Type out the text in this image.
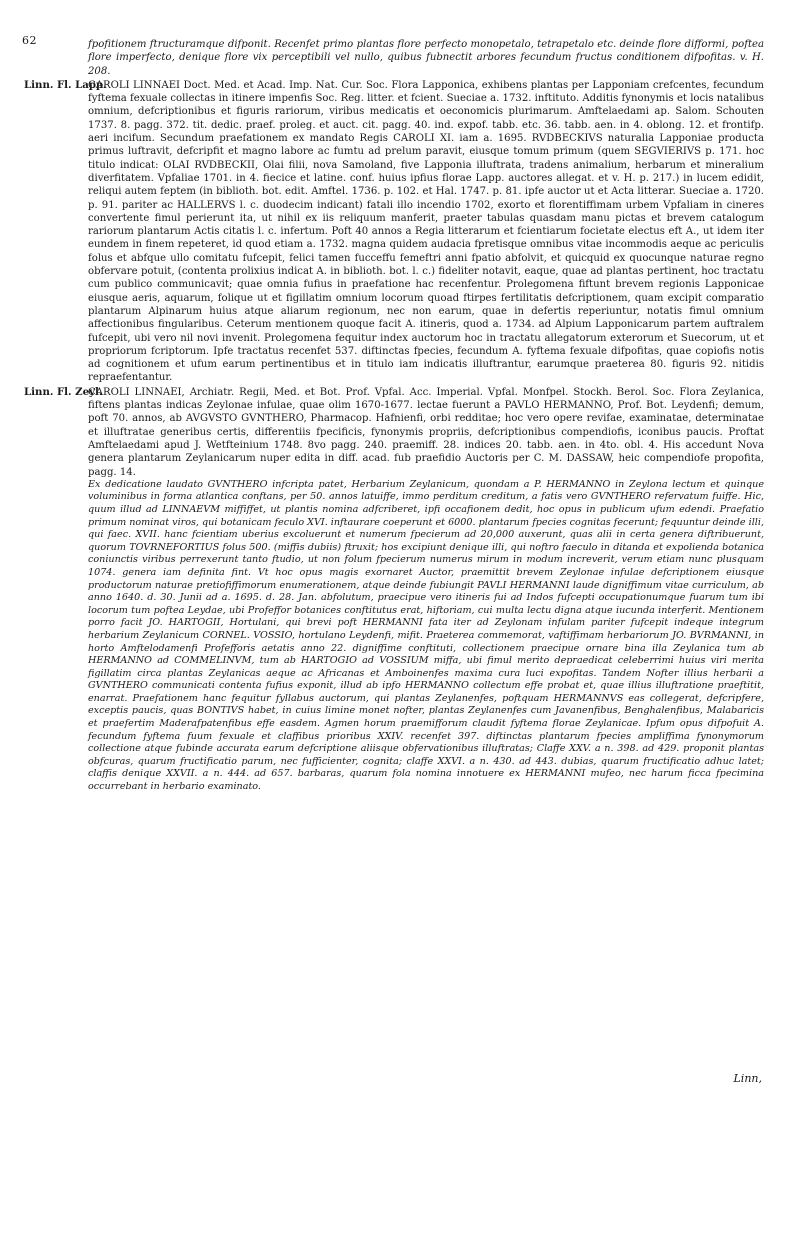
62	fpofitionem ftructuramque difponit. Recenfet primo plantas flore perfecto monopetalo, tetrapetalo etc. deinde flore difformi, poftea flore imperfecto, denique flore vix perceptibili vel nullo, quibus fubnectit arbores fecundum fructus conditionem difpofitas. v. H. 208.

Linn. Fl. Lapp.

CAROLI LINNAEI Doct. Med. et Acad. Imp. Nat. Cur. Soc. Flora Lapponica, exhibens plantas per Lapponiam crefcentes, fecundum fyftema fexuale collectas in itinere impenfis Soc. Reg. litter. et fcient. Sueciae a. 1732. inftituto. Additis fynonymis et locis natalibus omnium, defcriptionibus et figuris rariorum, viribus medicatis et oeconomicis plurimarum. Amftelaedami ap. Salom. Schouten 1737. 8. pagg. 372. tit. dedic. praef. proleg. et auct. cit. pagg. 40. ind. expof. tabb. etc. 36. tabb. aen. in 4. oblong. 12. et frontifp. aeri incifum. Secundum praefationem ex mandato Regis CAROLI XI. iam a. 1695. RVDBECKIVS naturalia Lapponiae producta primus luftravit, defcripfit et magno labore ac fumtu ad prelum paravit, eiusque tomum primum (quem SEGVIERIVS p. 171. hoc titulo indicat: OLAI RVDBECKII, Olai filii, nova Samoland, five Lapponia illuftrata, tradens animalium, herbarum et mineralium diverfitatem. Vpfaliae 1701. in 4. fiecice et latine. conf. huius ipfius florae Lapp. auctores allegat. et v. H. p. 217.) in lucem edidit, reliqui autem feptem (in biblioth. bot. edit. Amftel. 1736. p. 102. et Hal. 1747. p. 81. ipfe auctor ut et Acta litterar. Sueciae a. 1720. p. 91. pariter ac HALLERVS l. c. duodecim indicant) fatali illo incendio 1702, exorto et florentiffimam urbem Vpfaliam in cineres convertente fimul perierunt ita, ut nihil ex iis reliquum manferit, praeter tabulas quasdam manu pictas et brevem catalogum rariorum plantarum Actis citatis l. c. infertum. Poft 40 annos a Regia litterarum et fcientiarum focietate electus eft A., ut idem iter eundem in finem repeteret, id quod etiam a. 1732. magna quidem audacia fpretisque omnibus vitae incommodis aeque ac periculis folus et abfque ullo comitatu fufcepit, felici tamen fucceffu femeftri anni fpatio abfolvit, et quicquid ex quocunque naturae regno obfervare potuit, (contenta prolixius indicat A. in biblioth. bot. l. c.) fideliter notavit, eaque, quae ad plantas pertinent, hoc tractatu cum publico communicavit; quae omnia fufius in praefatione hac recenfentur. Prolegomena fiftunt brevem regionis Lapponicae eiusque aeris, aquarum, folique ut et figillatim omnium locorum quoad ftirpes fertilitatis defcriptionem, quam excipit comparatio plantarum Alpinarum huius atque aliarum regionum, nec non earum, quae in defertis reperiuntur, notatis fimul omnium affectionibus fingularibus. Ceterum mentionem quoque facit A. itineris, quod a. 1734. ad Alpium Lapponicarum partem auftralem fufcepit, ubi vero nil novi invenit. Prolegomena fequitur index auctorum hoc in tractatu allegatorum exterorum et Suecorum, ut et propriorum fcriptorum. Ipfe tractatus recenfet 537. diftinctas fpecies, fecundum A. fyftema fexuale difpofitas, quae copiofis notis ad cognitionem et ufum earum pertinentibus et in titulo iam indicatis illuftrantur, earumque praeterea 80. figuris 92. nitidis repraefentantur.

Linn. Fl. Zeyl.

CAROLI LINNAEI, Archiatr. Regii, Med. et Bot. Prof. Vpfal. Acc. Imperial. Vpfal. Monfpel. Stockh. Berol. Soc. Flora Zeylanica, fiftens plantas indicas Zeylonae infulae, quae olim 1670-1677. lectae fuerunt a PAVLO HERMANNO, Prof. Bot. Leydenfi; demum, poft 70. annos, ab AVGVSTO GVNTHERO, Pharmacop. Hafnienfi, orbi redditae; hoc vero opere revifae, examinatae, determinatae et illuftratae generibus certis, differentiis fpecificis, fynonymis propriis, defcriptionibus compendiofis, iconibus paucis. Proftat Amftelaedami apud J. Wetfteinium 1748. 8vo pagg. 240. praemiff. 28. indices 20. tabb. aen. in 4to. obl. 4. His accedunt Nova genera plantarum Zeylanicarum nuper edita in diff. acad. fub praefidio Auctoris per C. M. DASSAW, heic compendiofe propofita, pagg. 14.

Ex dedicatione laudato GVNTHERO infcripta patet, Herbarium Zeylanicum, quondam a P. HERMANNO in Zeylona lectum et quinque voluminibus in forma atlantica conftans, per 50. annos latuiffe, immo perditum creditum, a fatis vero GVNTHERO refervatum fuiffe. Hic, quum illud ad LINNAEVM miffiffet, ut plantis nomina adfcriberet, ipfi occafionem dedit, hoc opus in publicum ufum edendi. Praefatio primum nominat viros, qui botanicam feculo XVI. inftaurare coeperunt et 6000. plantarum fpecies cognitas fecerunt; fequuntur deinde illi, qui faec. XVII. hanc fcientiam uberius excoluerunt et numerum fpecierum ad 20,000 auxerunt, quas alii in certa genera diftribuerunt, quorum TOVRNEFORTIUS folus 500. (miffis dubiis) ftruxit; hos excipiunt denique illi, qui noftro faeculo in ditanda et expolienda botanica coniunctis viribus perrexerunt tanto ftudio, ut non folum fpecierum numerus mirum in modum increverit, verum etiam nunc plusquam 1074. genera iam definita fint. Vt hoc opus magis exornaret Auctor, praemittit brevem Zeylonae infulae defcriptionem eiusque productorum naturae pretiofiffimorum enumerationem, atque deinde fubiungit PAVLI HERMANNI laude digniffimum vitae curriculum, ab anno 1640. d. 30. Junii ad a. 1695. d. 28. Jan. abfolutum, praecipue vero itineris fui ad Indos fufcepti occupationumque fuarum tum ibi locorum tum poftea Leydae, ubi Profeffor botanices conftitutus erat, hiftoriam, cui multa lectu digna atque iucunda interferit. Mentionem porro facit JO. HARTOGII, Hortulani, qui brevi poft HERMANNI fata iter ad Zeylonam infulam pariter fufcepit indeque integrum herbarium Zeylanicum CORNEL. VOSSIO, hortulano Leydenfi, mifit. Praeterea commemorat, vaftiffimam herbariorum JO. BVRMANNI, in horto Amftelodamenfi Profefforis aetatis anno 22. digniffime conftituti, collectionem praecipue ornare bina illa Zeylanica tum ab HERMANNO ad COMMELINVM, tum ab HARTOGIO ad VOSSIUM miffa, ubi fimul merito depraedicat celeberrimi huius viri merita figillatim circa plantas Zeylanicas aeque ac Africanas et Amboinenfes maxima cura luci expofitas. Tandem Nofter illius herbarii a GVNTHERO communicati contenta fufius exponit, illud ab ipfo HERMANNO collectum effe probat et, quae illius illuftratione praeftitit, enarrat. Praefationem hanc fequitur fyllabus auctorum, qui plantas Zeylanenfes, poftquam HERMANNVS eas collegerat, defcripfere, exceptis paucis, quas BONTIVS habet, in cuius limine monet nofter, plantas Zeylanenfes cum Javanenfibus, Benghalenfibus, Malabaricis et praefertim Maderafpatenfibus effe easdem. Agmen horum praemifforum claudit fyftema florae Zeylanicae. Ipfum opus difpofuit A. fecundum fyftema fuum fexuale et claffibus prioribus XXIV. recenfet 397. diftinctas plantarum fpecies ampliffima fynonymorum collectione atque fubinde accurata earum defcriptione aliisque obfervationibus illuftratas; Claffe XXV. a n. 398. ad 429. proponit plantas obfcuras, quarum fructificatio parum, nec fufficienter, cognita; claffe XXVI. a n. 430. ad 443. dubias, quarum fructificatio adhuc latet; claffis denique XXVII. a n. 444. ad 657. barbaras, quarum fola nomina innotuere ex HERMANNI mufeo, nec harum ficca fpecimina occurrebant in herbario examinato.

Linn,
